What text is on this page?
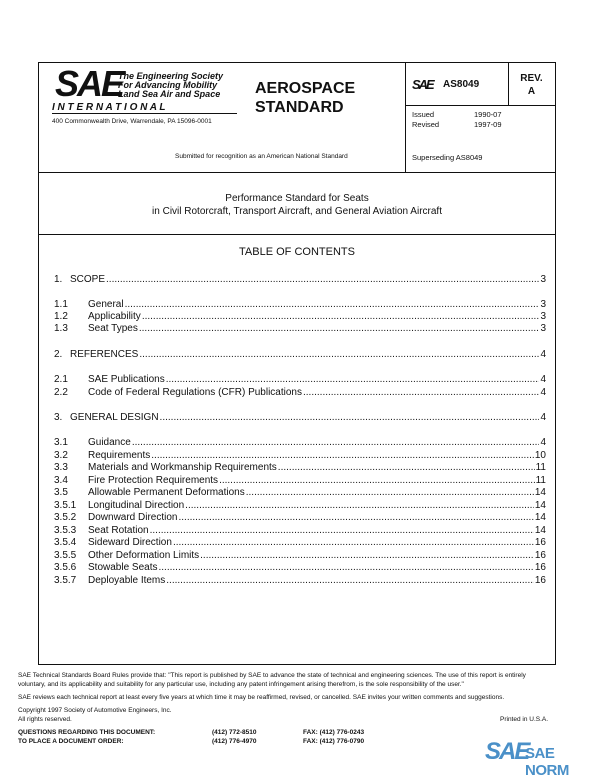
SAE
The Engineering Society
For Advancing Mobility
Land Sea Air and Space
I N T E R N A T I O N A L
400 Commonwealth Drive, Warrendale, PA 15096-0001
AEROSPACE
STANDARD
Submitted for recognition as an American National Standard
SAE AS8049
REV.
A
Issued	1990-07
Revised	1997-09
Superseding AS8049
Performance Standard for Seats
in Civil Rotorcraft, Transport Aircraft, and General Aviation Aircraft
TABLE OF CONTENTS
1. SCOPE .....	3
1.1	General .....	3
1.2	Applicability .....	3
1.3	Seat Types .....	3
2. REFERENCES .....	4
2.1	SAE Publications .....	4
2.2	Code of Federal Regulations (CFR) Publications .....	4
3. GENERAL DESIGN .....	4
3.1	Guidance .....	4
3.2	Requirements .....	10
3.3	Materials and Workmanship Requirements .....	11
3.4	Fire Protection Requirements .....	11
3.5	Allowable Permanent Deformations .....	14
3.5.1	Longitudinal Direction .....	14
3.5.2	Downward Direction .....	14
3.5.3	Seat Rotation .....	14
3.5.4	Sideward Direction .....	16
3.5.5	Other Deformation Limits .....	16
3.5.6	Stowable Seats .....	16
3.5.7	Deployable Items .....	16
SAE Technical Standards Board Rules provide that: "This report is published by SAE to advance the state of technical and engineering sciences. The use of this report is entirely
voluntary, and its applicability and suitability for any particular use, including any patent infringement arising therefrom, is the sole responsibility of the user."
SAE reviews each technical report at least every five years at which time it may be reaffirmed, revised, or cancelled. SAE invites your written comments and suggestions.
Copyright 1997 Society of Automotive Engineers, Inc.
All rights reserved.	Printed in U.S.A.
QUESTIONS REGARDING THIS DOCUMENT:	(412) 772-8510	FAX: (412) 776-0243
TO PLACE A DOCUMENT ORDER:	(412) 776-4970	FAX: (412) 776-0790	SAE
SAE NORM
